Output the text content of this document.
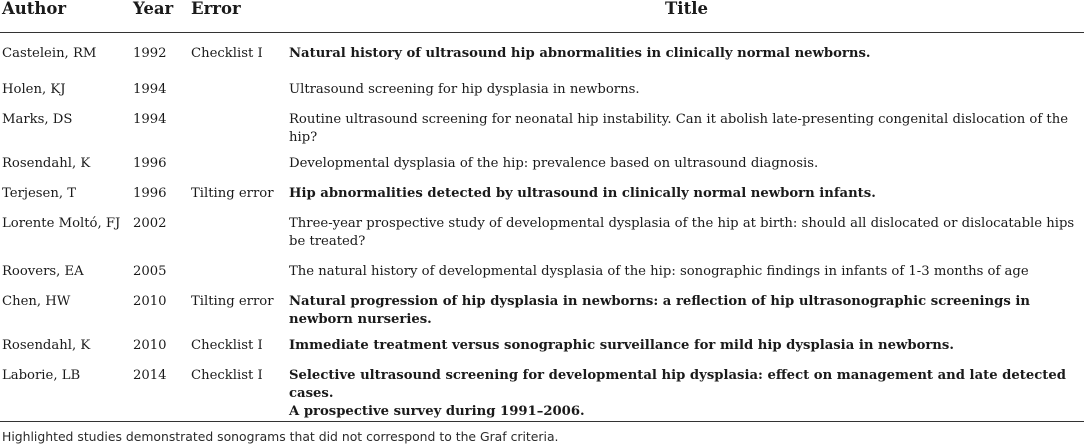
Author	Year	Error	Title
Castelein, RM	1992	Checklist I	Natural history of ultrasound hip abnormalities in clinically normal newborns.
Holen, KJ	1994		Ultrasound screening for hip dysplasia in newborns.
Marks, DS	1994		Routine ultrasound screening for neonatal hip instability. Can it abolish late-presenting congenital dislocation of the hip?
Rosendahl, K	1996		Developmental dysplasia of the hip: prevalence based on ultrasound diagnosis.
Terjesen, T	1996	Tilting error	Hip abnormalities detected by ultrasound in clinically normal newborn infants.
Lorente Moltó, FJ	2002		Three-year prospective study of developmental dysplasia of the hip at birth: should all dislocated or dislocatable hips be treated?
Roovers, EA	2005		The natural history of developmental dysplasia of the hip: sonographic findings in infants of 1-3 months of age
Chen, HW	2010	Tilting error	Natural progression of hip dysplasia in newborns: a reflection of hip ultrasonographic screenings in newborn nurseries.
Rosendahl, K	2010	Checklist I	Immediate treatment versus sonographic surveillance for mild hip dysplasia in newborns.
Laborie, LB	2014	Checklist I	Selective ultrasound screening for developmental hip dysplasia: effect on management and late detected cases.
A prospective survey during 1991–2006.
Highlighted studies demonstrated sonograms that did not correspond to the Graf criteria.
